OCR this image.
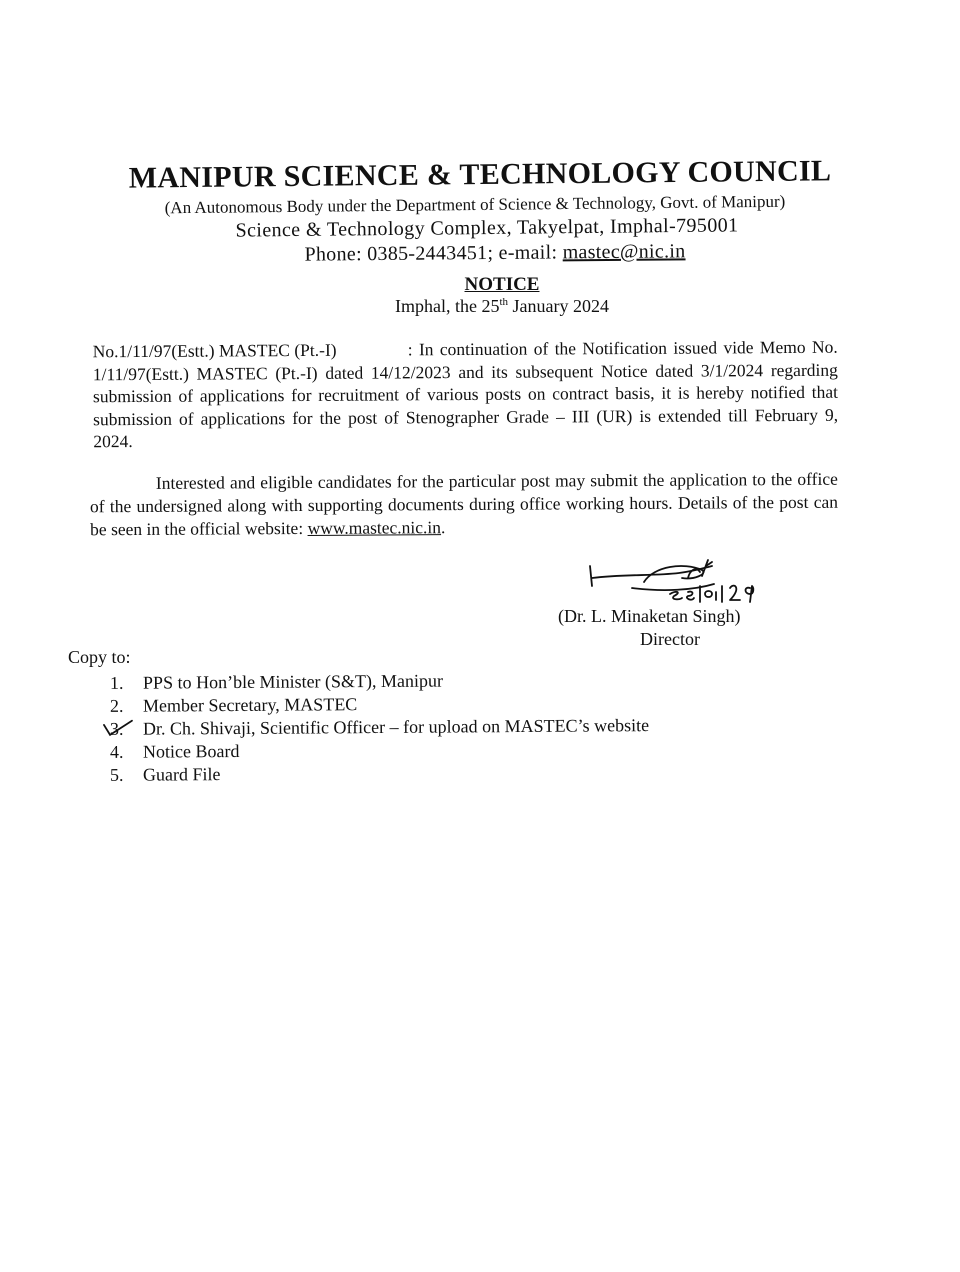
MANIPUR SCIENCE & TECHNOLOGY COUNCIL
(An Autonomous Body under the Department of Science & Technology, Govt. of Manipur)
Science & Technology Complex, Takyelpat, Imphal-795001
Phone: 0385-2443451; e-mail: mastec@nic.in
NOTICE
Imphal, the 25th January 2024
No.1/11/97(Estt.) MASTEC (Pt.-I)	: In continuation of the Notification issued vide Memo No. 1/11/97(Estt.) MASTEC (Pt.-I) dated 14/12/2023 and its subsequent Notice dated 3/1/2024 regarding submission of applications for recruitment of various posts on contract basis, it is hereby notified that submission of applications for the post of Stenographer Grade – III (UR) is extended till February 9, 2024.
Interested and eligible candidates for the particular post may submit the application to the office of the undersigned along with supporting documents during office working hours. Details of the post can be seen in the official website: www.mastec.nic.in.
(Dr. L. Minaketan Singh)
Director
Copy to:
1.	PPS to Hon’ble Minister (S&T), Manipur
2.	Member Secretary, MASTEC
3.	Dr. Ch. Shivaji, Scientific Officer – for upload on MASTEC’s website
4.	Notice Board
5.	Guard File
